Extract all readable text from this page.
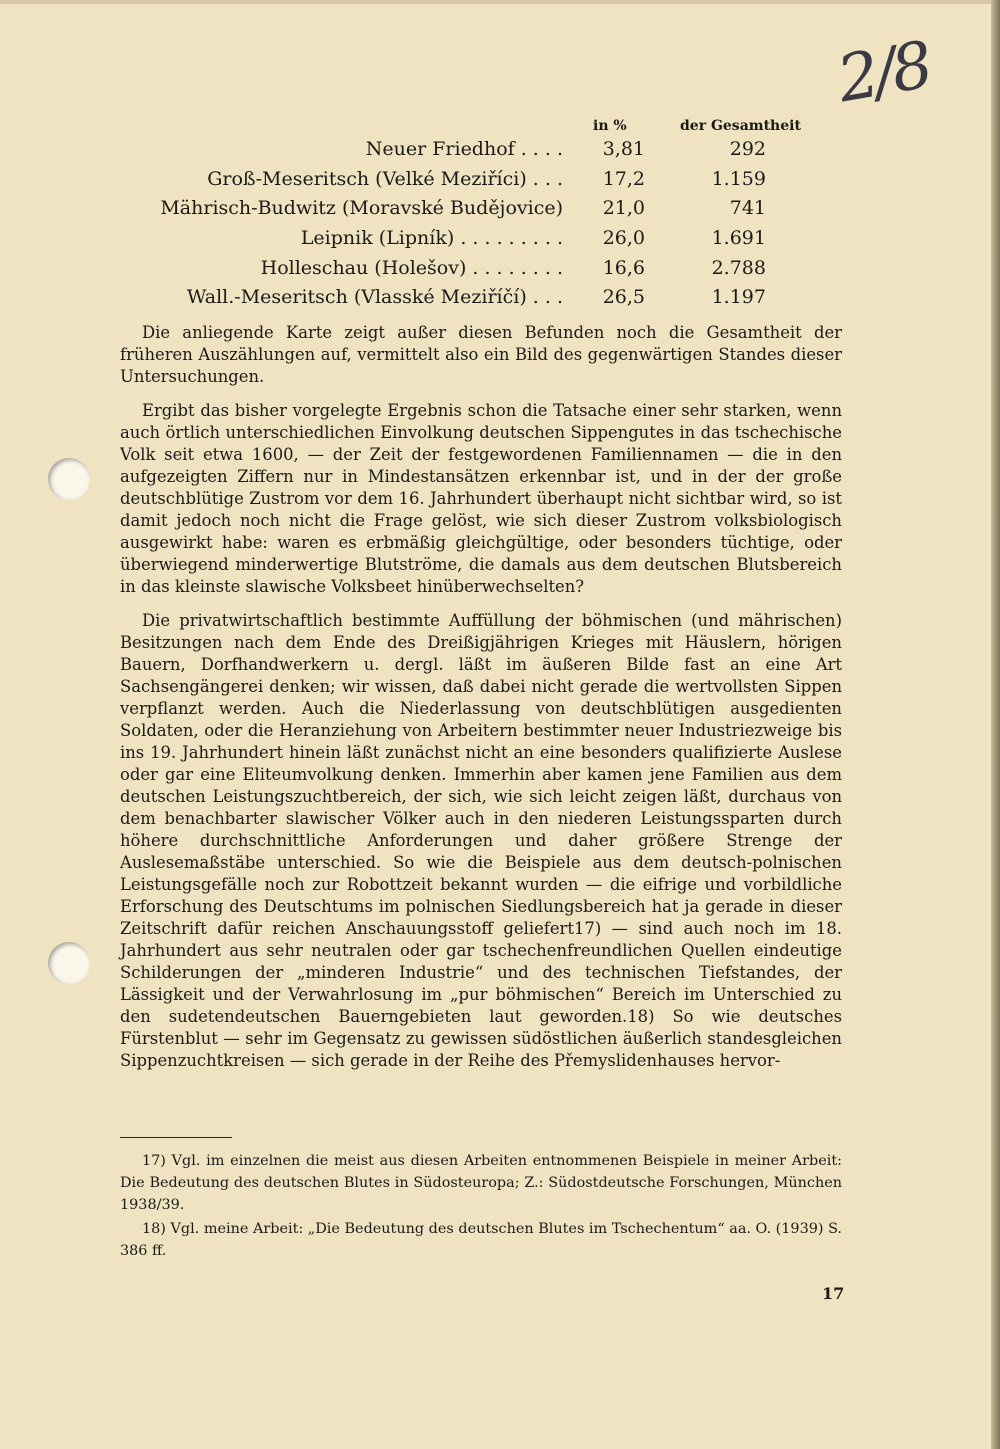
2/8
in %	der Gesamtheit
Neuer Friedhof . . . .	3,81	292
Groß-Meseritsch (Velké Meziříci) . . .	17,2	1.159
Mährisch-Budwitz (Moravské Budějovice)	21,0	741
Leipnik (Lipník) . . . . . . . . .	26,0	1.691
Holleschau (Holešov) . . . . . . . .	16,6	2.788
Wall.-Meseritsch (Vlasské Meziříčí) . . .	26,5	1.197

Die anliegende Karte zeigt außer diesen Befunden noch die Gesamtheit der früheren Auszählungen auf, vermittelt also ein Bild des gegenwärtigen Standes dieser Untersuchungen.

Ergibt das bisher vorgelegte Ergebnis schon die Tatsache einer sehr starken, wenn auch örtlich unterschiedlichen Einvolkung deutschen Sippengutes in das tschechische Volk seit etwa 1600, — der Zeit der festgewordenen Familiennamen — die in den aufgezeigten Ziffern nur in Mindestansätzen erkennbar ist, und in der der große deutschblütige Zustrom vor dem 16. Jahrhundert überhaupt nicht sichtbar wird, so ist damit jedoch noch nicht die Frage gelöst, wie sich dieser Zustrom volksbiologisch ausgewirkt habe: waren es erbmäßig gleichgültige, oder besonders tüchtige, oder überwiegend minderwertige Blutströme, die damals aus dem deutschen Blutsbereich in das kleinste slawische Volksbeet hinüberwechselten?

Die privatwirtschaftlich bestimmte Auffüllung der böhmischen (und mährischen) Besitzungen nach dem Ende des Dreißigjährigen Krieges mit Häuslern, hörigen Bauern, Dorfhandwerkern u. dergl. läßt im äußeren Bilde fast an eine Art Sachsengängerei denken; wir wissen, daß dabei nicht gerade die wertvollsten Sippen verpflanzt werden. Auch die Niederlassung von deutschblütigen ausgedienten Soldaten, oder die Heranziehung von Arbeitern bestimmter neuer Industriezweige bis ins 19. Jahrhundert hinein läßt zunächst nicht an eine besonders qualifizierte Auslese oder gar eine Eliteumvolkung denken. Immerhin aber kamen jene Familien aus dem deutschen Leistungszuchtbereich, der sich, wie sich leicht zeigen läßt, durchaus von dem benachbarter slawischer Völker auch in den niederen Leistungssparten durch höhere durchschnittliche Anforderungen und daher größere Strenge der Auslesemaßstäbe unterschied. So wie die Beispiele aus dem deutsch-polnischen Leistungsgefälle noch zur Robottzeit bekannt wurden — die eifrige und vorbildliche Erforschung des Deutschtums im polnischen Siedlungsbereich hat ja gerade in dieser Zeitschrift dafür reichen Anschauungsstoff geliefert17) — sind auch noch im 18. Jahrhundert aus sehr neutralen oder gar tschechenfreundlichen Quellen eindeutige Schilderungen der „minderen Industrie“ und des technischen Tiefstandes, der Lässigkeit und der Verwahrlosung im „pur böhmischen“ Bereich im Unterschied zu den sudetendeutschen Bauerngebieten laut geworden.18) So wie deutsches Fürstenblut — sehr im Gegensatz zu gewissen südöstlichen äußerlich standesgleichen Sippenzuchtkreisen — sich gerade in der Reihe des Přemyslidenhauses hervor-

17) Vgl. im einzelnen die meist aus diesen Arbeiten entnommenen Beispiele in meiner Arbeit: Die Bedeutung des deutschen Blutes in Südosteuropa; Z.: Südostdeutsche Forschungen, München 1938/39.

18) Vgl. meine Arbeit: „Die Bedeutung des deutschen Blutes im Tschechentum“ aa. O. (1939) S. 386 ff.

17
